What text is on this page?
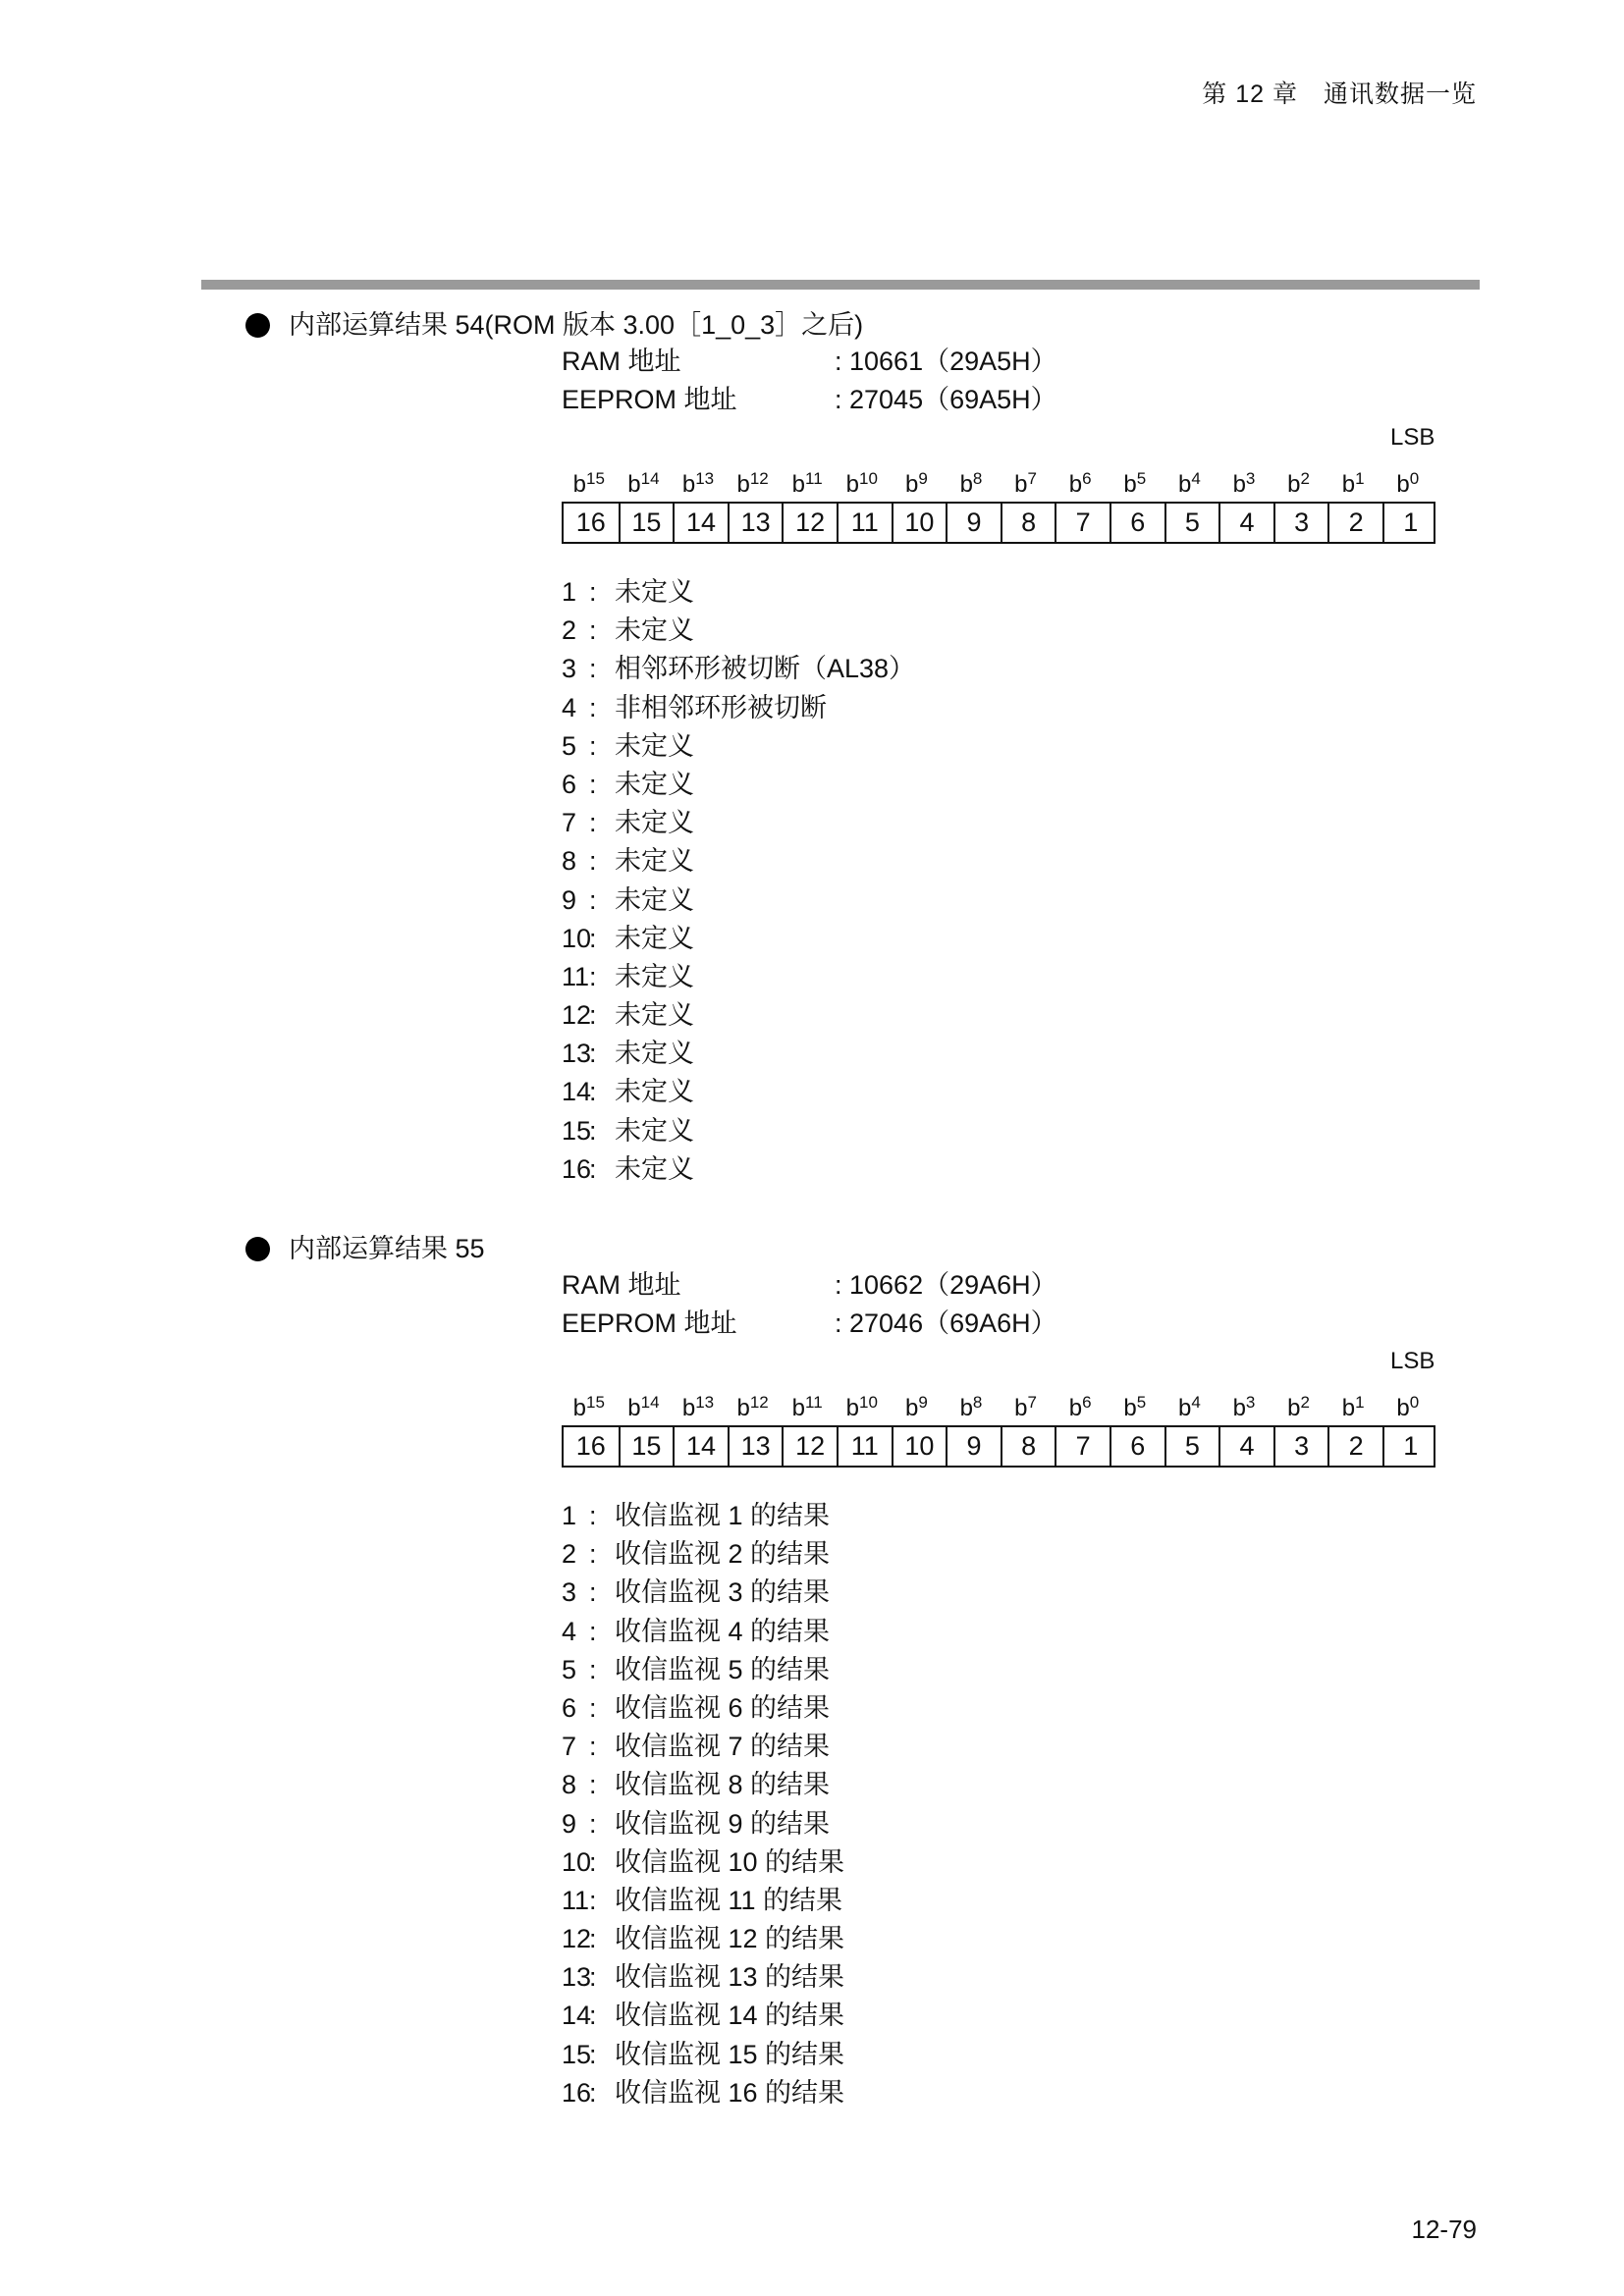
第 12 章　通讯数据一览
内部运算结果 54(ROM 版本 3.00［1_0_3］之后)
RAM 地址	: 10661（29A5H）
EEPROM 地址	: 27045（69A5H）
LSB
$b^{15}$ $b^{14}$ $b^{13}$ $b^{12}$ $b^{11}$ $b^{10}$	$b^9$	$b^8$	$b^7$	$b^6$	$b^5$	$b^4$	$b^3$	$b^2$	$b^1$	$b^0$
16 15 14 13 12 11 10	9	8	7	6	5	4	3	2	1
1 : 未定义
2 : 未定义
3 : 相邻环形被切断（AL38）
4 : 非相邻环形被切断
5 : 未定义
6 : 未定义
7 : 未定义
8 : 未定义
9 : 未定义
10
: 未定义
11 : 未定义
12
: 未定义
13
: 未定义
14
: 未定义
15
: 未定义
16
: 未定义
内部运算结果 55
RAM 地址	: 10662（29A6H）
EEPROM 地址	: 27046（69A6H）
LSB
$b^{15}$ $b^{14}$ $b^{13}$ $b^{12}$ $b^{11}$ $b^{10}$	$b^9$	$b^8$	$b^7$	$b^6$	$b^5$	$b^4$	$b^3$	$b^2$	$b^1$	$b^0$
16 15 14 13 12 11 10	9	8	7	6	5	4	3	2	1
1 : 收信监视 1 的结果
2 : 收信监视 2 的结果
3 : 收信监视 3 的结果
4 : 收信监视 4 的结果
5 : 收信监视 5 的结果
6 : 收信监视 6 的结果
7 : 收信监视 7 的结果
8 : 收信监视 8 的结果
9 : 收信监视 9 的结果
10
: 收信监视 10 的结果
11 : 收信监视 11 的结果
12
: 收信监视 12 的结果
13
: 收信监视 13 的结果
14
: 收信监视 14 的结果
15
: 收信监视 15 的结果
16
: 收信监视 16 的结果
12-79
